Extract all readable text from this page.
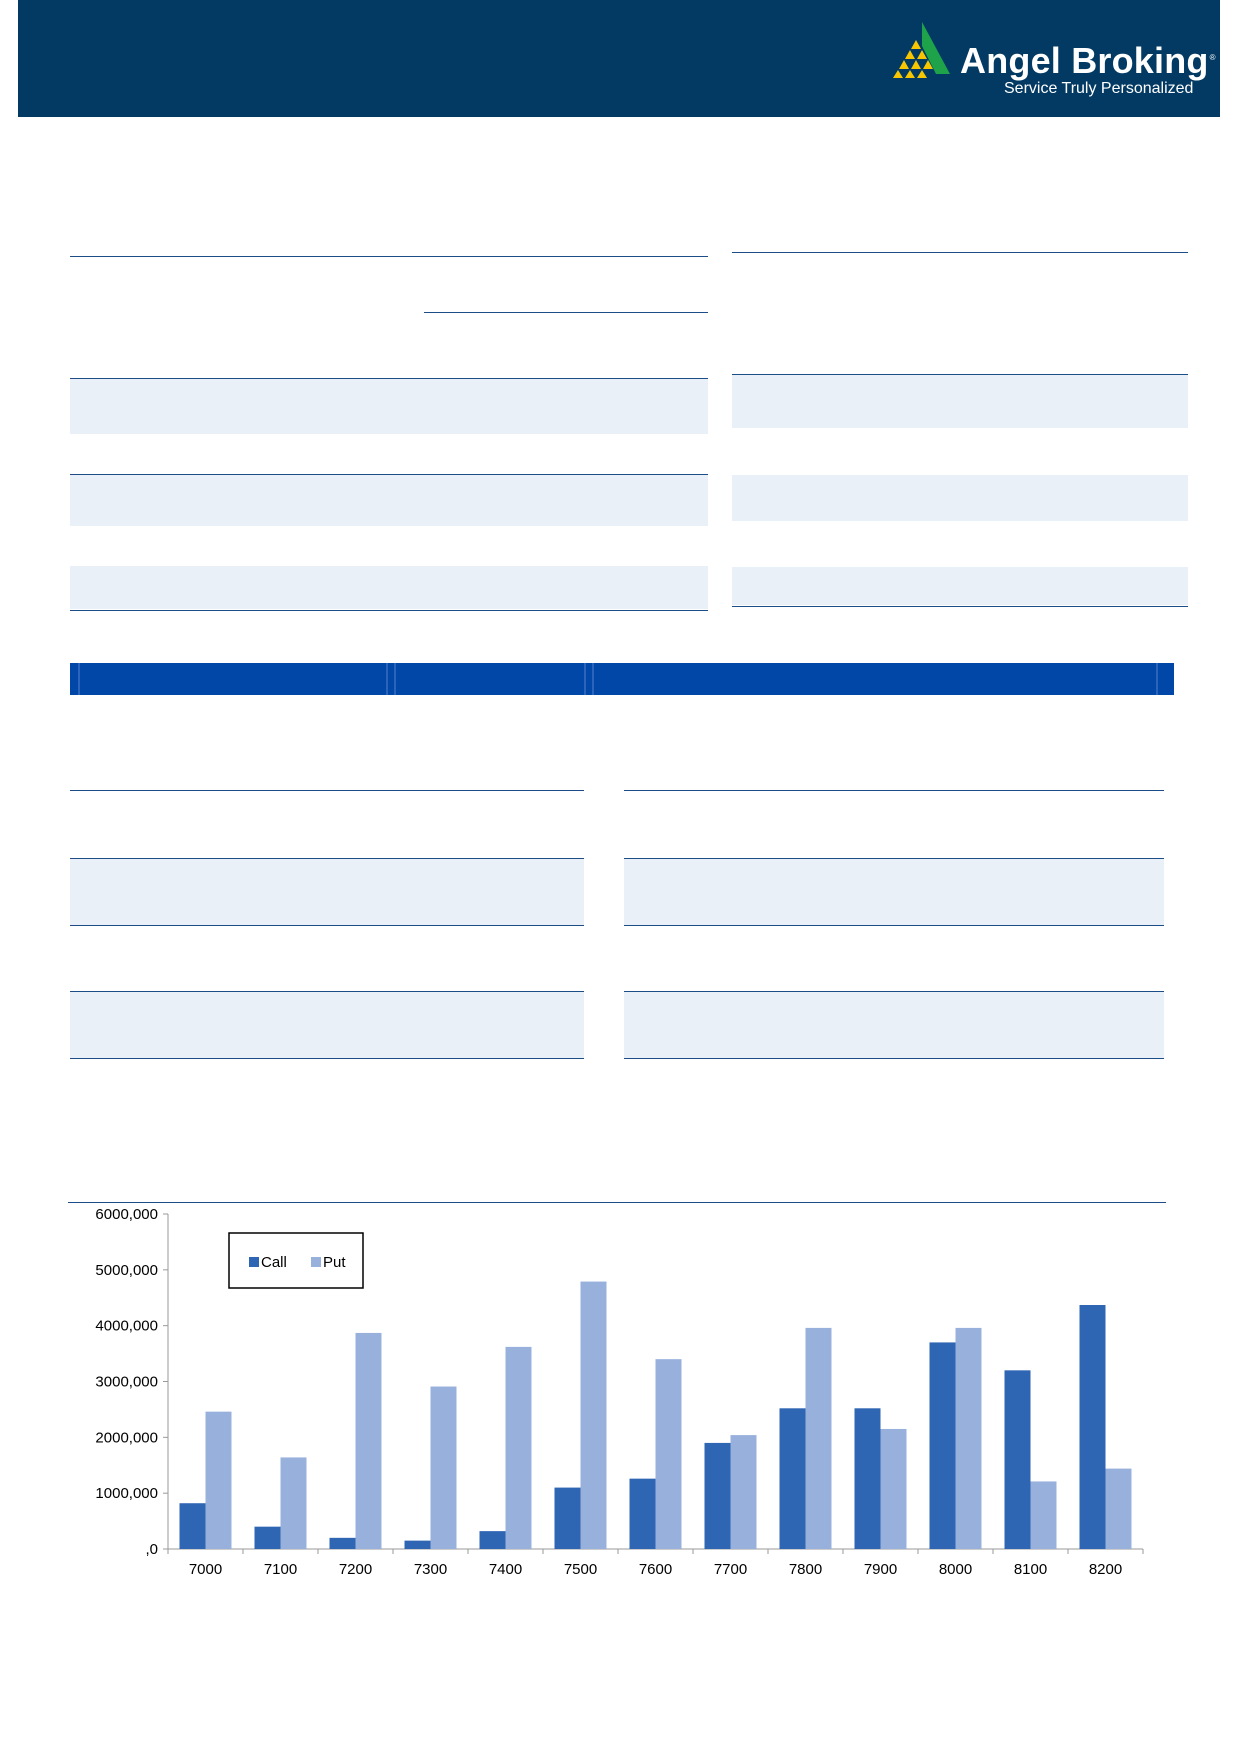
Angel Broking®
Service Truly Personalized
,0
1000,000
2000,000
3000,000
4000,000
5000,000
6000,000
7000	7100	7200	7300	7400	7500	7600	7700	7800	7900	8000	8100	8200
Call Put
